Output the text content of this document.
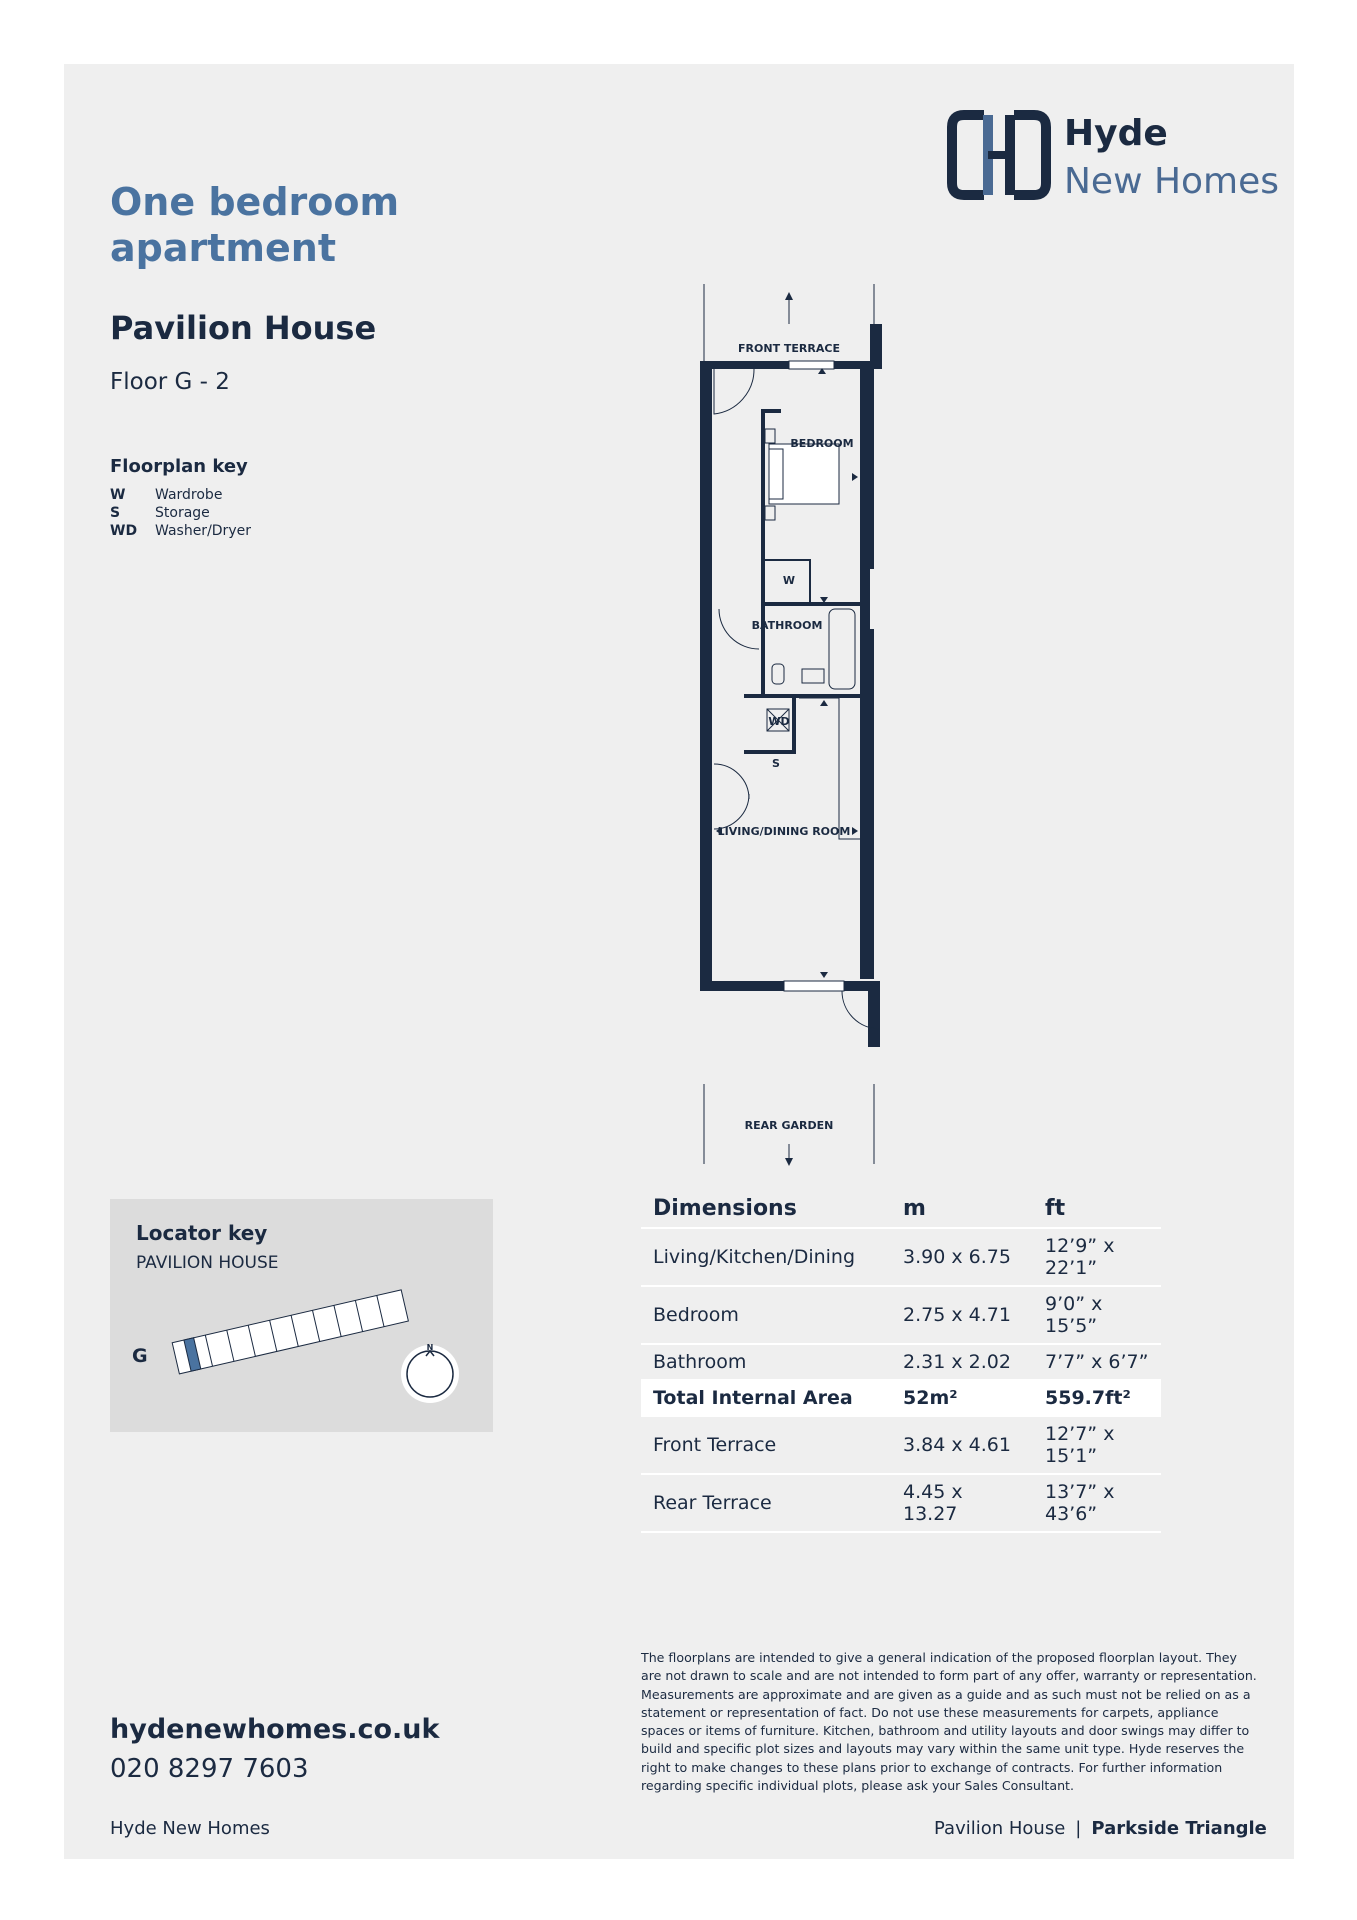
Hyde
New Homes
One bedroom
apartment
Pavilion House
Floor G - 2
Floorplan key
W	Wardrobe
S	Storage
WD	Washer/Dryer
FRONT TERRACE
BEDROOM
BATHROOM
LIVING/DINING ROOM
REAR GARDEN
W
WD
S
Locator key
PAVILION HOUSE
G	N
Dimensions	m	ft
Living/Kitchen/Dining	3.90 x 6.75	12’9” x 22’1”
Bedroom	2.75 x 4.71	9’0” x 15’5”
Bathroom	2.31 x 2.02	7’7” x 6’7”
Total Internal Area	52m²	559.7ft²
Front Terrace	3.84 x 4.61	12’7” x 15’1”
Rear Terrace	4.45 x 13.27	13’7” x 43’6”
The floorplans are intended to give a general indication of the proposed floorplan layout. They are not drawn to scale and are not intended to form part of any offer, warranty or representation. Measurements are approximate and are given as a guide and as such must not be relied on as a statement or representation of fact. Do not use these measurements for carpets, appliance spaces or items of furniture. Kitchen, bathroom and utility layouts and door swings may differ to build and specific plot sizes and layouts may vary within the same unit type. Hyde reserves the right to make changes to these plans prior to exchange of contracts. For further information regarding specific individual plots, please ask your Sales Consultant.
hydenewhomes.co.uk
020 8297 7603
Hyde New Homes	Pavilion House | Parkside Triangle
